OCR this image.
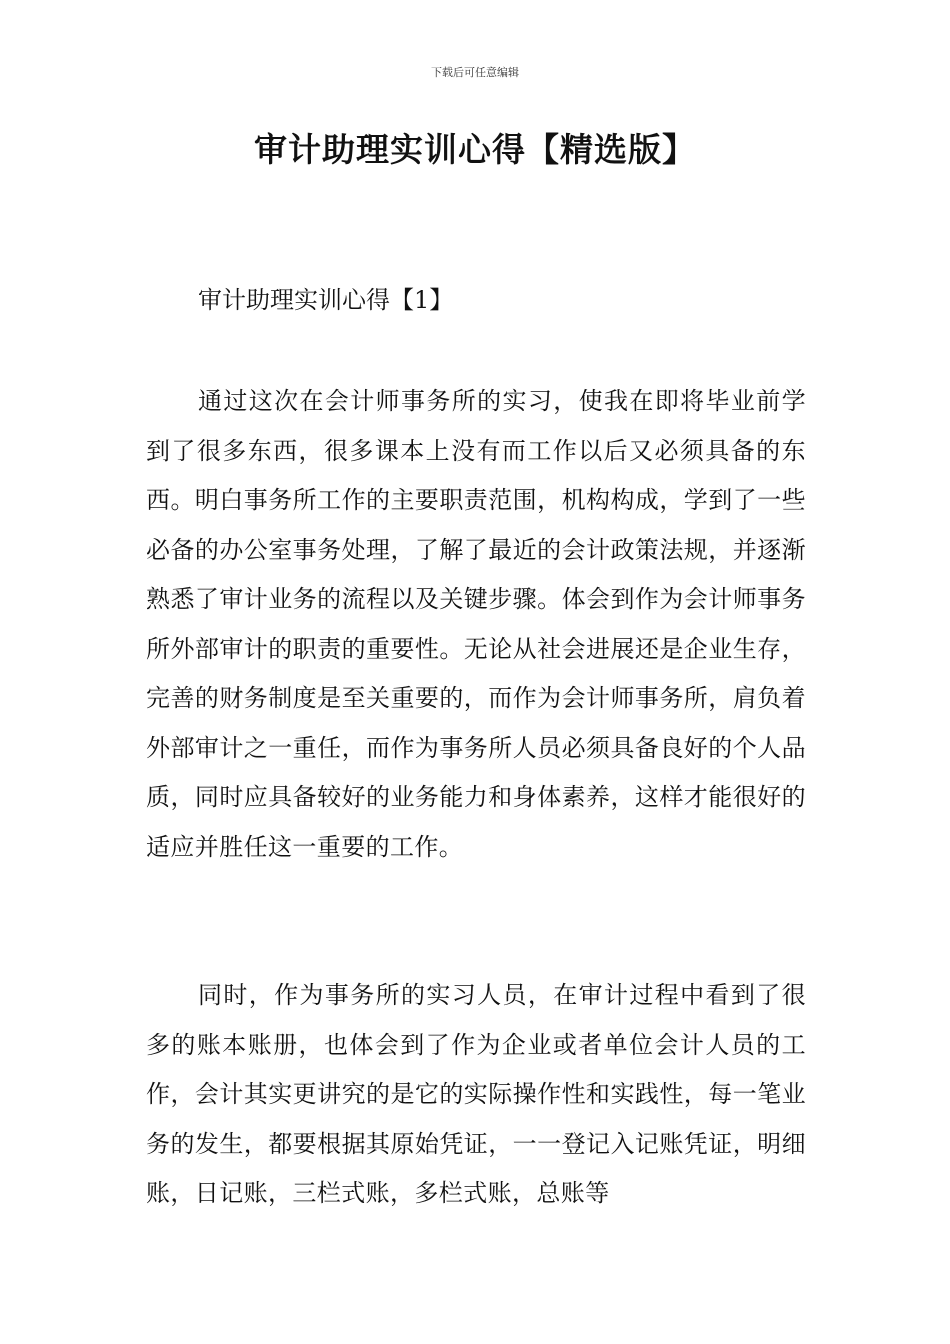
下载后可任意编辑
审计助理实训心得【精选版】
审计助理实训心得【1】

通过这次在会计师事务所的实习，使我在即将毕业前学到了很多东西，很多课本上没有而工作以后又必须具备的东西。明白事务所工作的主要职责范围，机构构成，学到了一些必备的办公室事务处理，了解了最近的会计政策法规，并逐渐熟悉了审计业务的流程以及关键步骤。体会到作为会计师事务所外部审计的职责的重要性。无论从社会进展还是企业生存，完善的财务制度是至关重要的，而作为会计师事务所，肩负着外部审计之一重任，而作为事务所人员必须具备良好的个人品质，同时应具备较好的业务能力和身体素养，这样才能很好的适应并胜任这一重要的工作。

同时，作为事务所的实习人员，在审计过程中看到了很多的账本账册，也体会到了作为企业或者单位会计人员的工作，会计其实更讲究的是它的实际操作性和实践性，每一笔业务的发生，都要根据其原始凭证，一一登记入记账凭证，明细账，日记账，三栏式账，多栏式账，总账等
